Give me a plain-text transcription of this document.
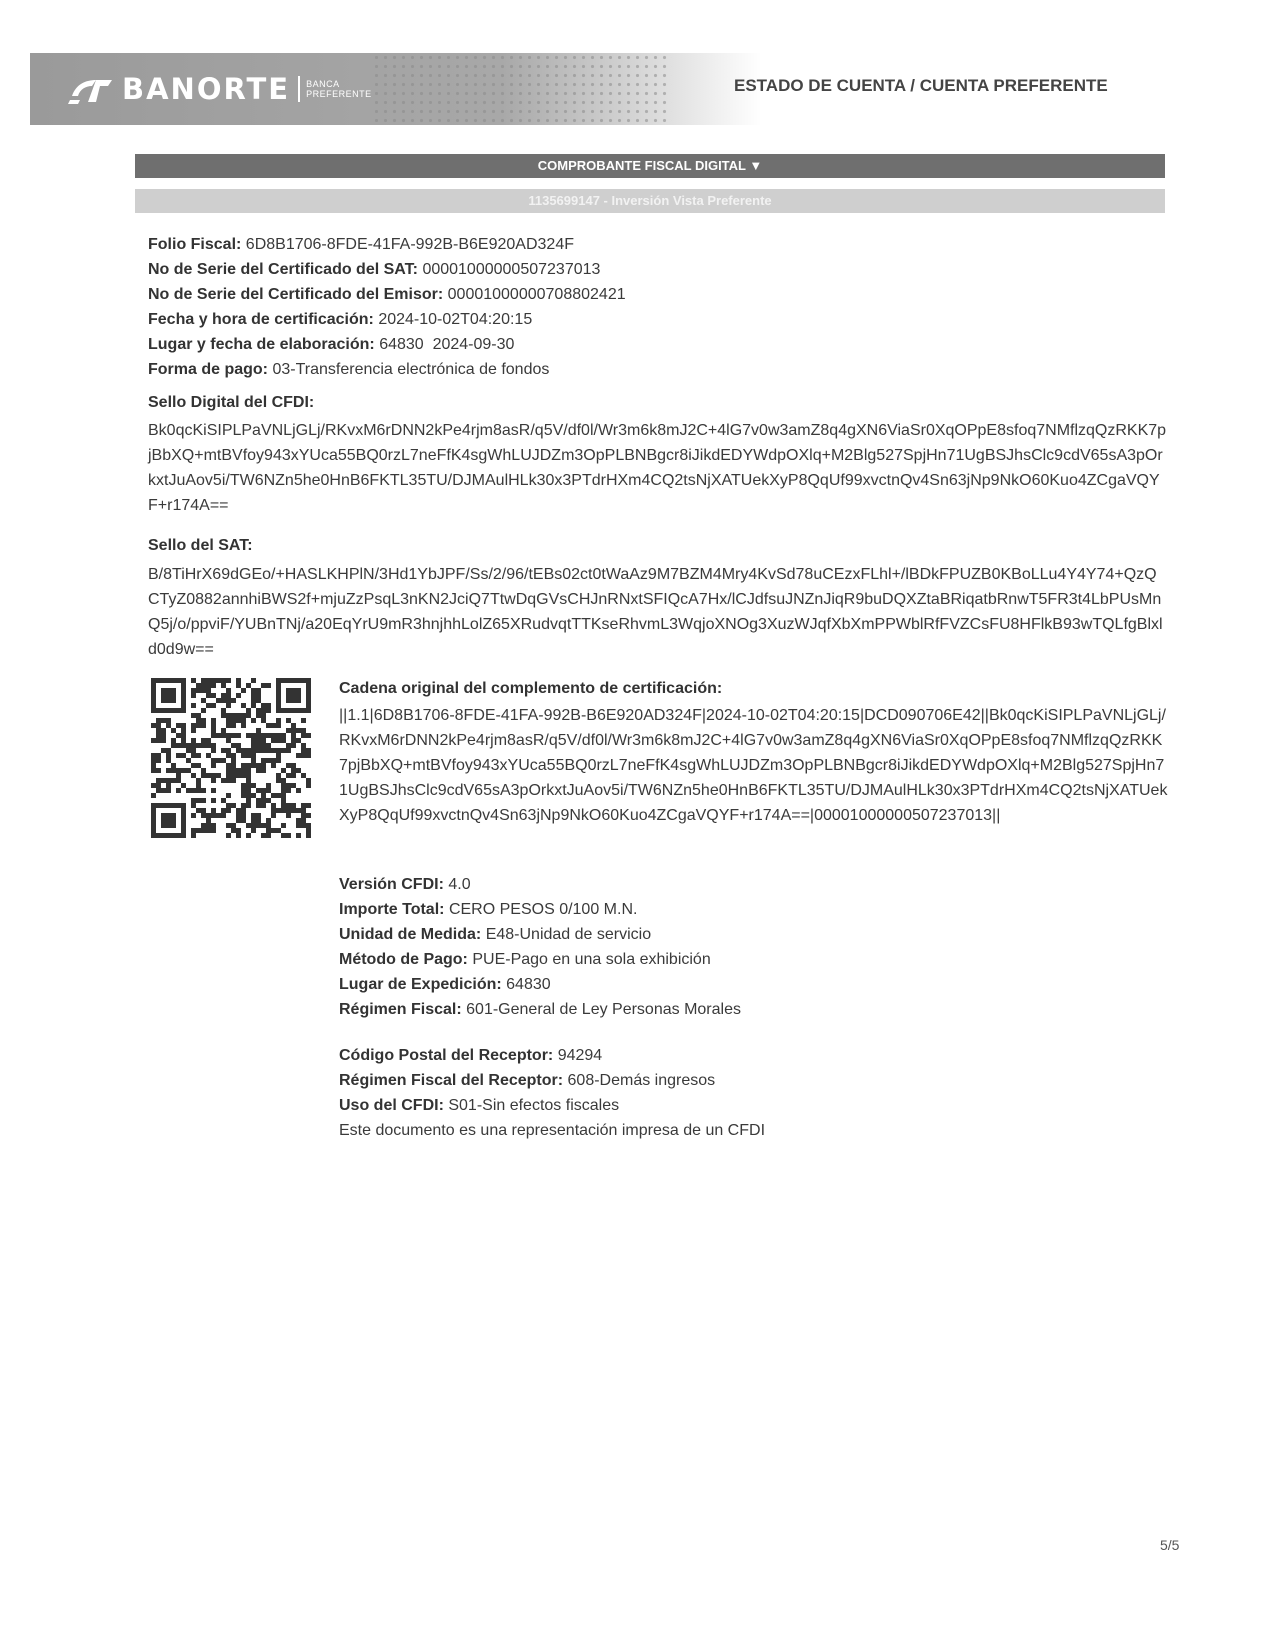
BANORTE BANCA
PREFERENTE	ESTADO DE CUENTA / CUENTA PREFERENTE
COMPROBANTE FISCAL DIGITAL ▼
1135699147 - Inversión Vista Preferente
Folio Fiscal: 6D8B1706-8FDE-41FA-992B-B6E920AD324F
No de Serie del Certificado del SAT: 00001000000507237013
No de Serie del Certificado del Emisor: 00001000000708802421
Fecha y hora de certificación: 2024-10-02T04:20:15
Lugar y fecha de elaboración: 64830  2024-09-30
Forma de pago: 03-Transferencia electrónica de fondos
Sello Digital del CFDI:
Bk0qcKiSIPLPaVNLjGLj/RKvxM6rDNN2kPe4rjm8asR/q5V/df0l/Wr3m6k8mJ2C+4lG7v0w3amZ8q4gXN6ViaSr0XqOPpE8sfoq7NMflzqQzRKK7pjBbXQ+mtBVfoy943xYUca55BQ0rzL7neFfK4sgWhLUJDZm3OpPLBNBgcr8iJikdEDYWdpOXlq+M2Blg527SpjHn71UgBSJhsClc9cdV65sA3pOrkxtJuAov5i/TW6NZn5he0HnB6FKTL35TU/DJMAulHLk30x3PTdrHXm4CQ2tsNjXATUekXyP8QqUf99xvctnQv4Sn63jNp9NkO60Kuo4ZCgaVQYF+r174A==
Sello del SAT:
B/8TiHrX69dGEo/+HASLKHPlN/3Hd1YbJPF/Ss/2/96/tEBs02ct0tWaAz9M7BZM4Mry4KvSd78uCEzxFLhl+/lBDkFPUZB0KBoLLu4Y4Y74+QzQCTyZ0882annhiBWS2f+mjuZzPsqL3nKN2JciQ7TtwDqGVsCHJnRNxtSFIQcA7Hx/lCJdfsuJNZnJiqR9buDQXZtaBRiqatbRnwT5FR3t4LbPUsMnQ5j/o/ppviF/YUBnTNj/a20EqYrU9mR3hnjhhLolZ65XRudvqtTTKseRhvmL3WqjoXNOg3XuzWJqfXbXmPPWblRfFVZCsFU8HFlkB93wTQLfgBlxld0d9w==
Cadena original del complemento de certificación:
||1.1|6D8B1706-8FDE-41FA-992B-B6E920AD324F|2024-10-02T04:20:15|DCD090706E42||Bk0qcKiSIPLPaVNLjGLj/RKvxM6rDNN2kPe4rjm8asR/q5V/df0l/Wr3m6k8mJ2C+4lG7v0w3amZ8q4gXN6ViaSr0XqOPpE8sfoq7NMflzqQzRKK7pjBbXQ+mtBVfoy943xYUca55BQ0rzL7neFfK4sgWhLUJDZm3OpPLBNBgcr8iJikdEDYWdpOXlq+M2Blg527SpjHn71UgBSJhsClc9cdV65sA3pOrkxtJuAov5i/TW6NZn5he0HnB6FKTL35TU/DJMAulHLk30x3PTdrHXm4CQ2tsNjXATUekXyP8QqUf99xvctnQv4Sn63jNp9NkO60Kuo4ZCgaVQYF+r174A==|00001000000507237013||
Versión CFDI: 4.0
Importe Total: CERO PESOS 0/100 M.N.
Unidad de Medida: E48-Unidad de servicio
Método de Pago: PUE-Pago en una sola exhibición
Lugar de Expedición: 64830
Régimen Fiscal: 601-General de Ley Personas Morales
Código Postal del Receptor: 94294
Régimen Fiscal del Receptor: 608-Demás ingresos
Uso del CFDI: S01-Sin efectos fiscales
Este documento es una representación impresa de un CFDI
5/5
